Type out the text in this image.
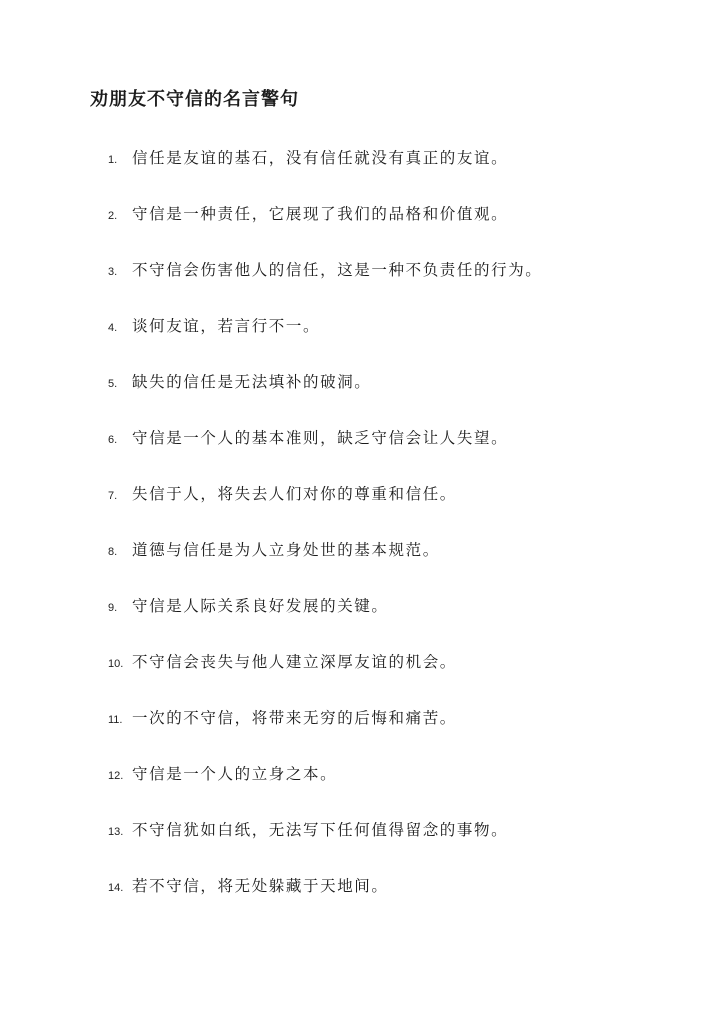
劝朋友不守信的名言警句
1. 信任是友谊的基石，没有信任就没有真正的友谊。
2. 守信是一种责任，它展现了我们的品格和价值观。
3. 不守信会伤害他人的信任，这是一种不负责任的行为。
4. 谈何友谊，若言行不一。
5. 缺失的信任是无法填补的破洞。
6. 守信是一个人的基本准则，缺乏守信会让人失望。
7. 失信于人，将失去人们对你的尊重和信任。
8. 道德与信任是为人立身处世的基本规范。
9. 守信是人际关系良好发展的关键。
10. 不守信会丧失与他人建立深厚友谊的机会。
11. 一次的不守信，将带来无穷的后悔和痛苦。
12. 守信是一个人的立身之本。
13. 不守信犹如白纸，无法写下任何值得留念的事物。
14. 若不守信，将无处躲藏于天地间。
